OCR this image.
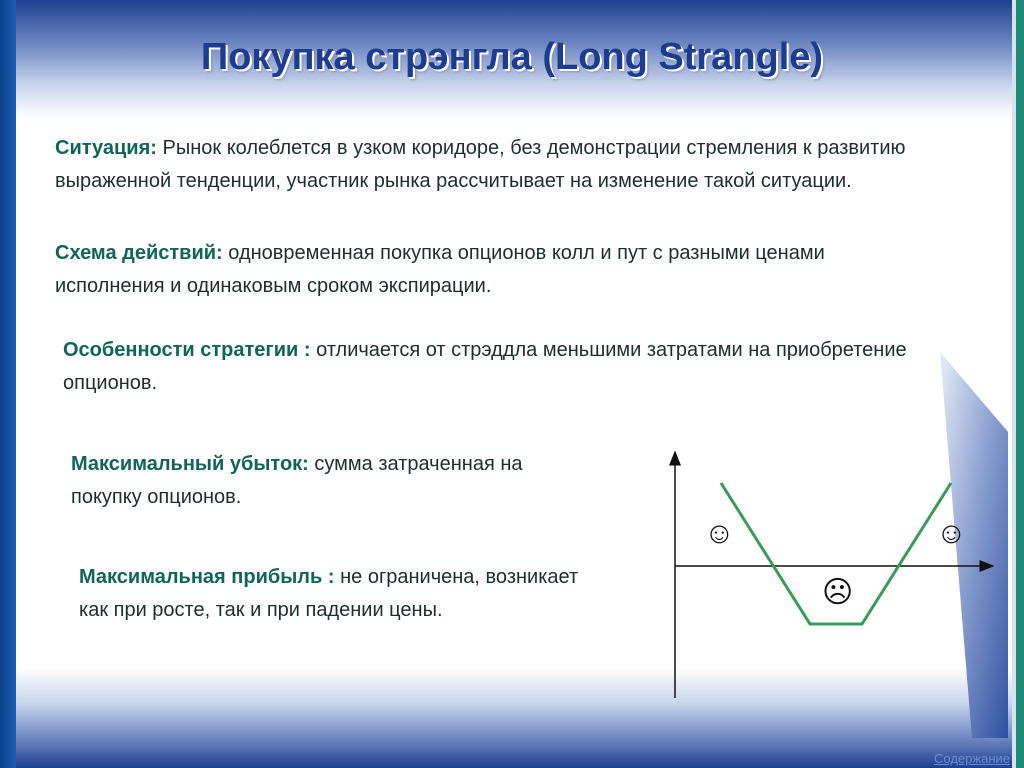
Покупка стрэнгла (Long Strangle)
Ситуация: Рынок колеблется в узком коридоре, без демонстрации стремления к развитию выраженной тенденции, участник рынка рассчитывает на изменение такой ситуации.
Схема действий: одновременная покупка опционов колл и пут с разными ценами исполнения и одинаковым сроком экспирации.
Особенности стратегии : отличается от стрэддла меньшими затратами на приобретение опционов.
Максимальный убыток: сумма затраченная на покупку опционов.
Максимальная прибыль : не ограничена, возникает как при росте, так и при падении цены.
☺	☺
☹
Содержание
